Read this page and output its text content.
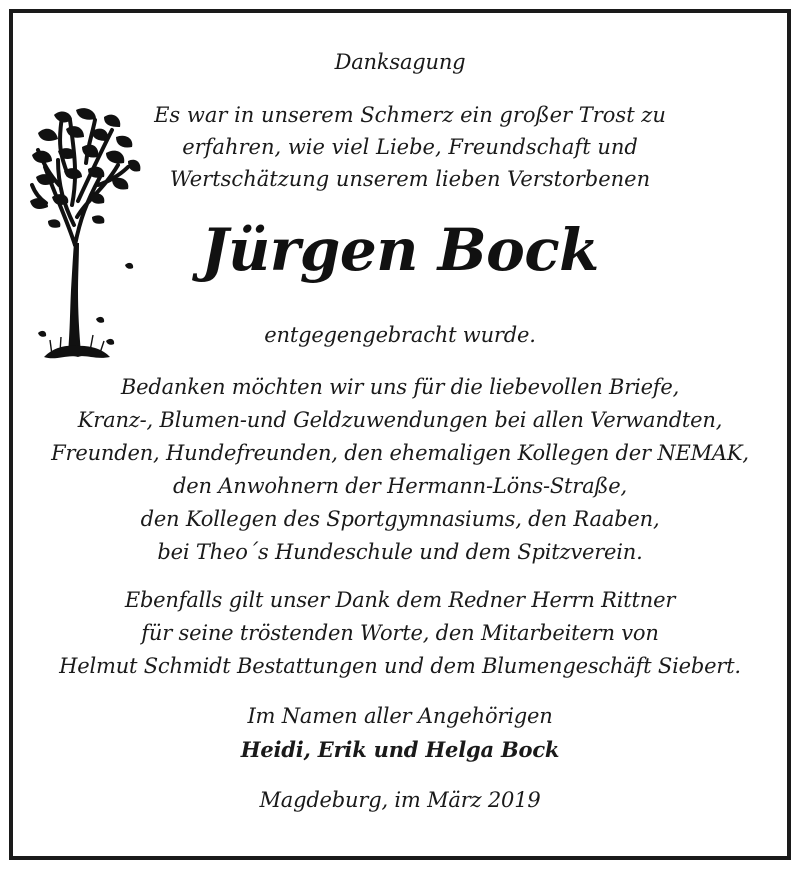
Danksagung
Es war in unserem Schmerz ein großer Trost zu
erfahren, wie viel Liebe, Freundschaft und
Wertschätzung unserem lieben Verstorbenen
Jürgen Bock
entgegengebracht wurde.
Bedanken möchten wir uns für die liebevollen Briefe,
Kranz-, Blumen-und Geldzuwendungen bei allen Verwandten,
Freunden, Hundefreunden, den ehemaligen Kollegen der NEMAK,
den Anwohnern der Hermann-Löns-Straße,
den Kollegen des Sportgymnasiums, den Raaben,
bei Theo´s Hundeschule und dem Spitzverein.
Ebenfalls gilt unser Dank dem Redner Herrn Rittner
für seine tröstenden Worte, den Mitarbeitern von
Helmut Schmidt Bestattungen und dem Blumengeschäft Siebert.
Im Namen aller Angehörigen
Heidi, Erik und Helga Bock
Magdeburg, im März 2019
